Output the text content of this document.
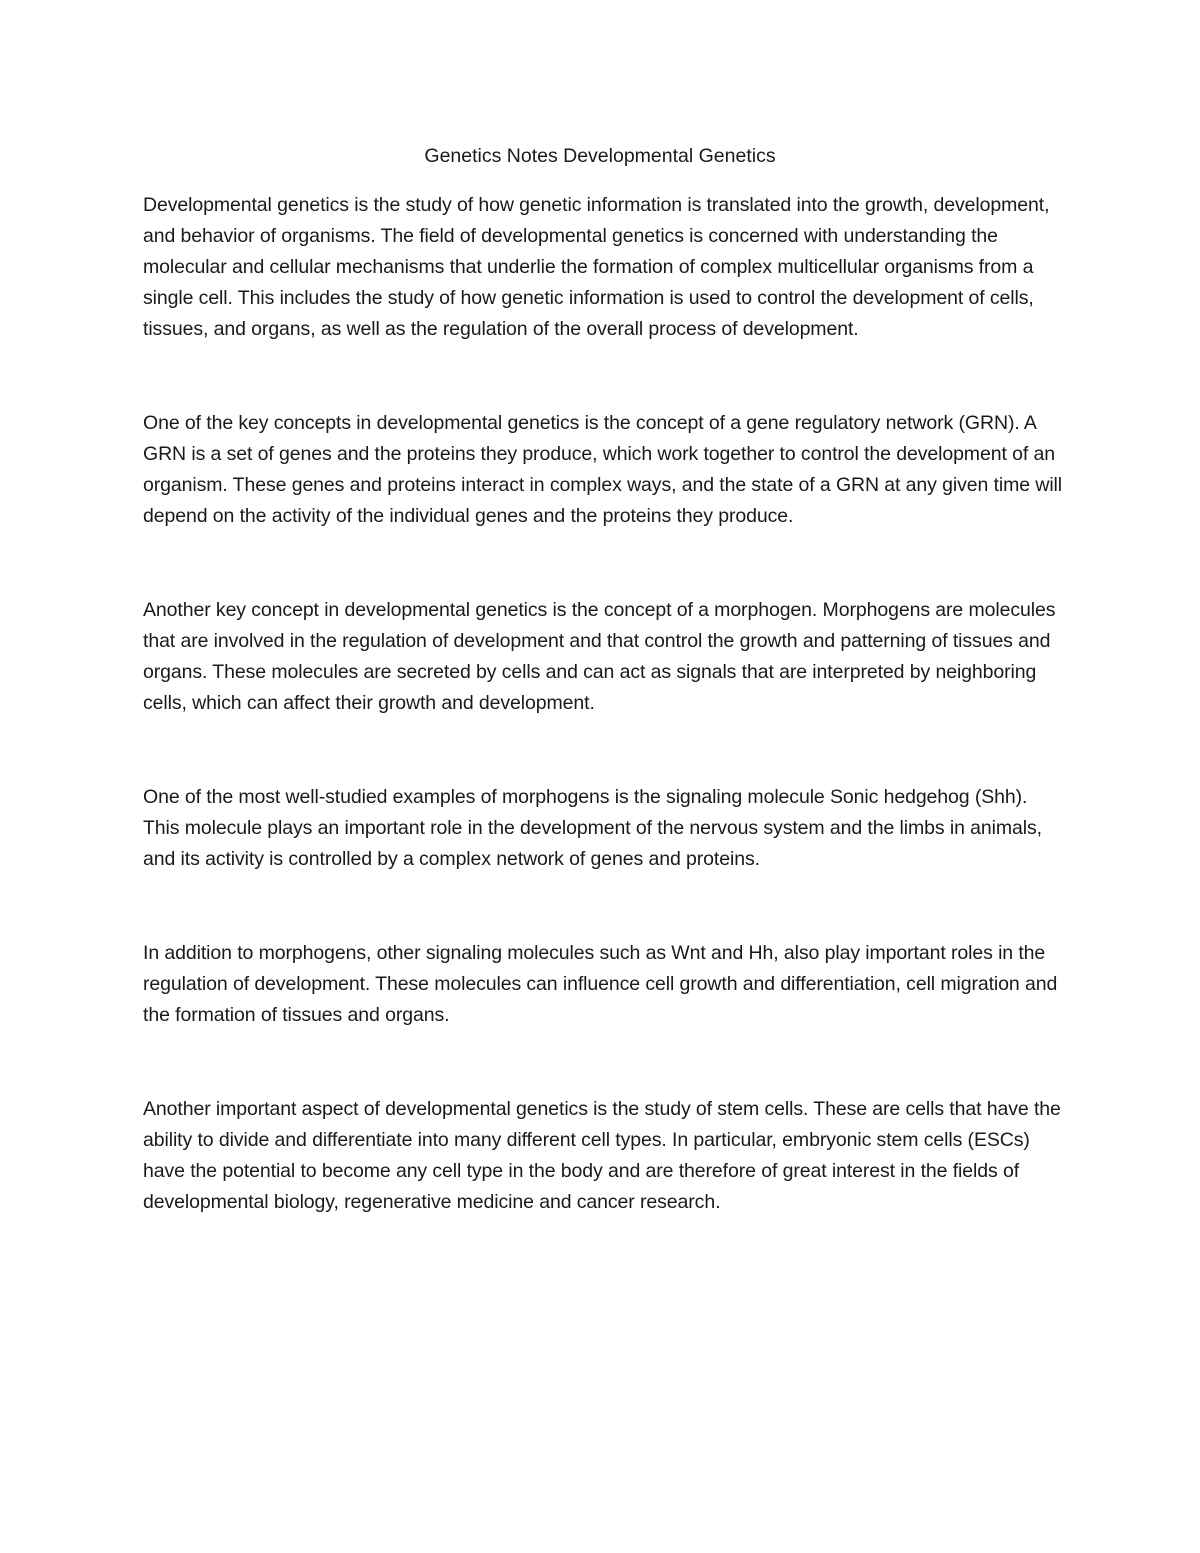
Genetics Notes Developmental Genetics

Developmental genetics is the study of how genetic information is translated into the growth, development, and behavior of organisms. The field of developmental genetics is concerned with understanding the molecular and cellular mechanisms that underlie the formation of complex multicellular organisms from a single cell. This includes the study of how genetic information is used to control the development of cells, tissues, and organs, as well as the regulation of the overall process of development.

One of the key concepts in developmental genetics is the concept of a gene regulatory network (GRN). A GRN is a set of genes and the proteins they produce, which work together to control the development of an organism. These genes and proteins interact in complex ways, and the state of a GRN at any given time will depend on the activity of the individual genes and the proteins they produce.

Another key concept in developmental genetics is the concept of a morphogen. Morphogens are molecules that are involved in the regulation of development and that control the growth and patterning of tissues and organs. These molecules are secreted by cells and can act as signals that are interpreted by neighboring cells, which can affect their growth and development.

One of the most well-studied examples of morphogens is the signaling molecule Sonic hedgehog (Shh). This molecule plays an important role in the development of the nervous system and the limbs in animals, and its activity is controlled by a complex network of genes and proteins.

In addition to morphogens, other signaling molecules such as Wnt and Hh, also play important roles in the regulation of development. These molecules can influence cell growth and differentiation, cell migration and the formation of tissues and organs.

Another important aspect of developmental genetics is the study of stem cells. These are cells that have the ability to divide and differentiate into many different cell types. In particular, embryonic stem cells (ESCs) have the potential to become any cell type in the body and are therefore of great interest in the fields of developmental biology, regenerative medicine and cancer research.
